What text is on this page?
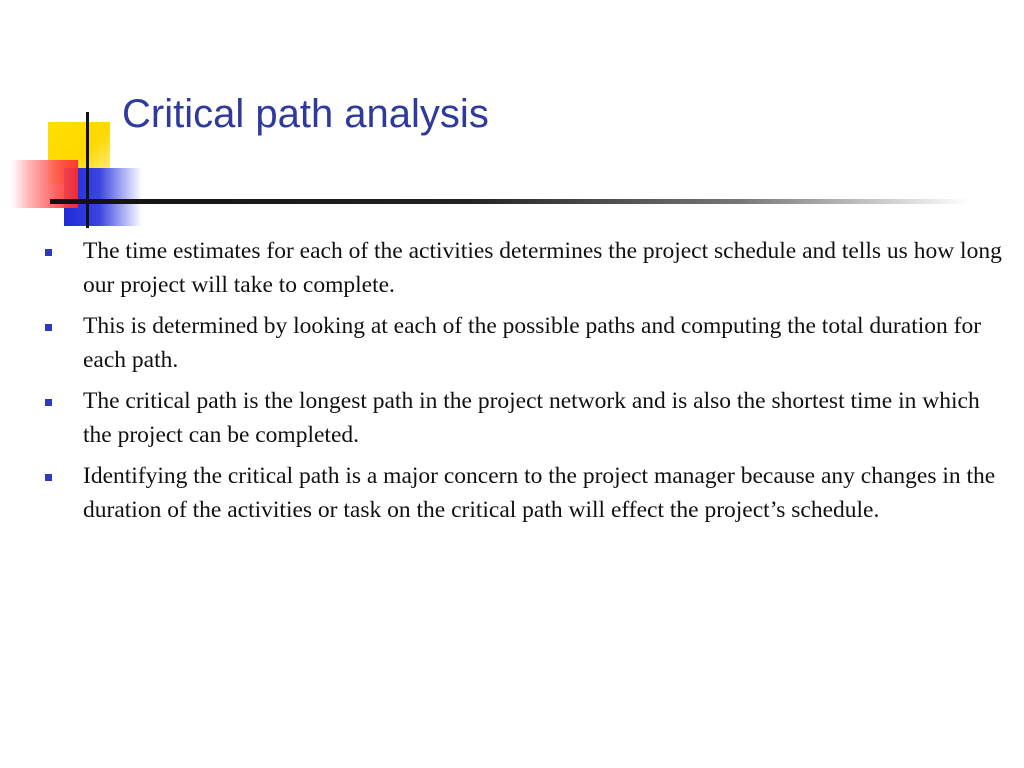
Critical path analysis
The time estimates for each of the activities determines the project schedule and tells us how long our project will take to complete.
This is determined by looking at each of the possible paths and computing the total duration for each path.
The critical path is the longest path in the project network and is also the shortest time in which the project can be completed.
Identifying the critical path is a major concern to the project manager because any changes in the duration of the activities or task on the critical path will effect the project’s schedule.
